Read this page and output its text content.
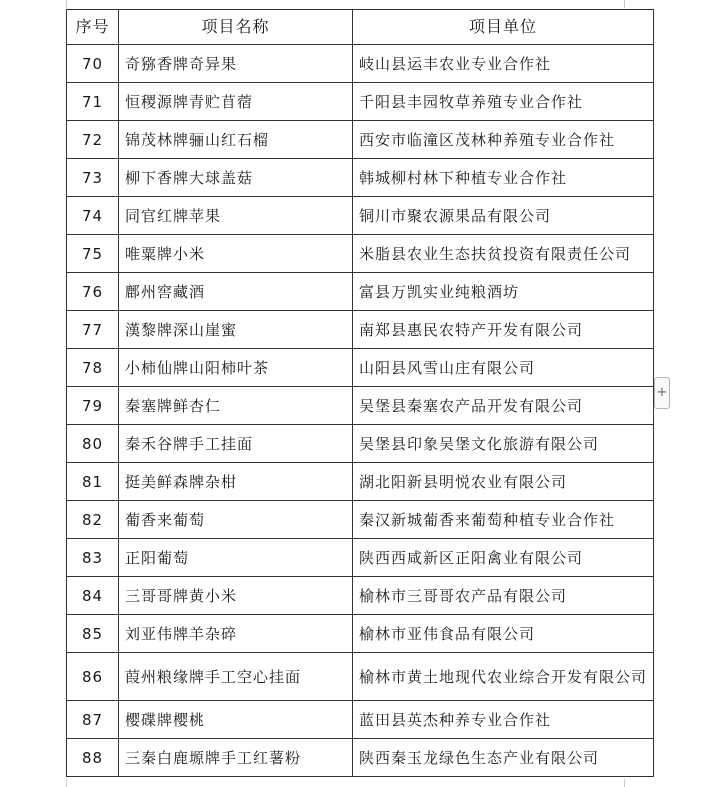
序号	项目名称	项目单位
70	奇猕香牌奇异果	岐山县运丰农业专业合作社
71	恒稷源牌青贮苜蓿	千阳县丰园牧草养殖专业合作社
72	锦茂林牌骊山红石榴	西安市临潼区茂林种养殖专业合作社
73	柳下香牌大球盖菇	韩城柳村林下种植专业合作社
74	同官红牌苹果	铜川市聚农源果品有限公司
75	唯粟牌小米	米脂县农业生态扶贫投资有限责任公司
76	鄜州窖藏酒	富县万凯实业纯粮酒坊
77	漢黎牌深山崖蜜	南郑县惠民农特产开发有限公司
78	小柿仙牌山阳柿叶茶	山阳县风雪山庄有限公司
79	秦塞牌鲜杏仁	吴堡县秦塞农产品开发有限公司
80	秦禾谷牌手工挂面	吴堡县印象吴堡文化旅游有限公司
81	挺美鲜森牌杂柑	湖北阳新县明悦农业有限公司
82	葡香来葡萄	秦汉新城葡香来葡萄种植专业合作社
83	正阳葡萄	陕西西咸新区正阳禽业有限公司
84	三哥哥牌黄小米	榆林市三哥哥农产品有限公司
85	刘亚伟牌羊杂碎	榆林市亚伟食品有限公司
86	葭州粮缘牌手工空心挂面	榆林市黄土地现代农业综合开发有限公司
87	樱碟牌樱桃	蓝田县英杰种养专业合作社
88	三秦白鹿塬牌手工红薯粉	陕西秦玉龙绿色生态产业有限公司
+
